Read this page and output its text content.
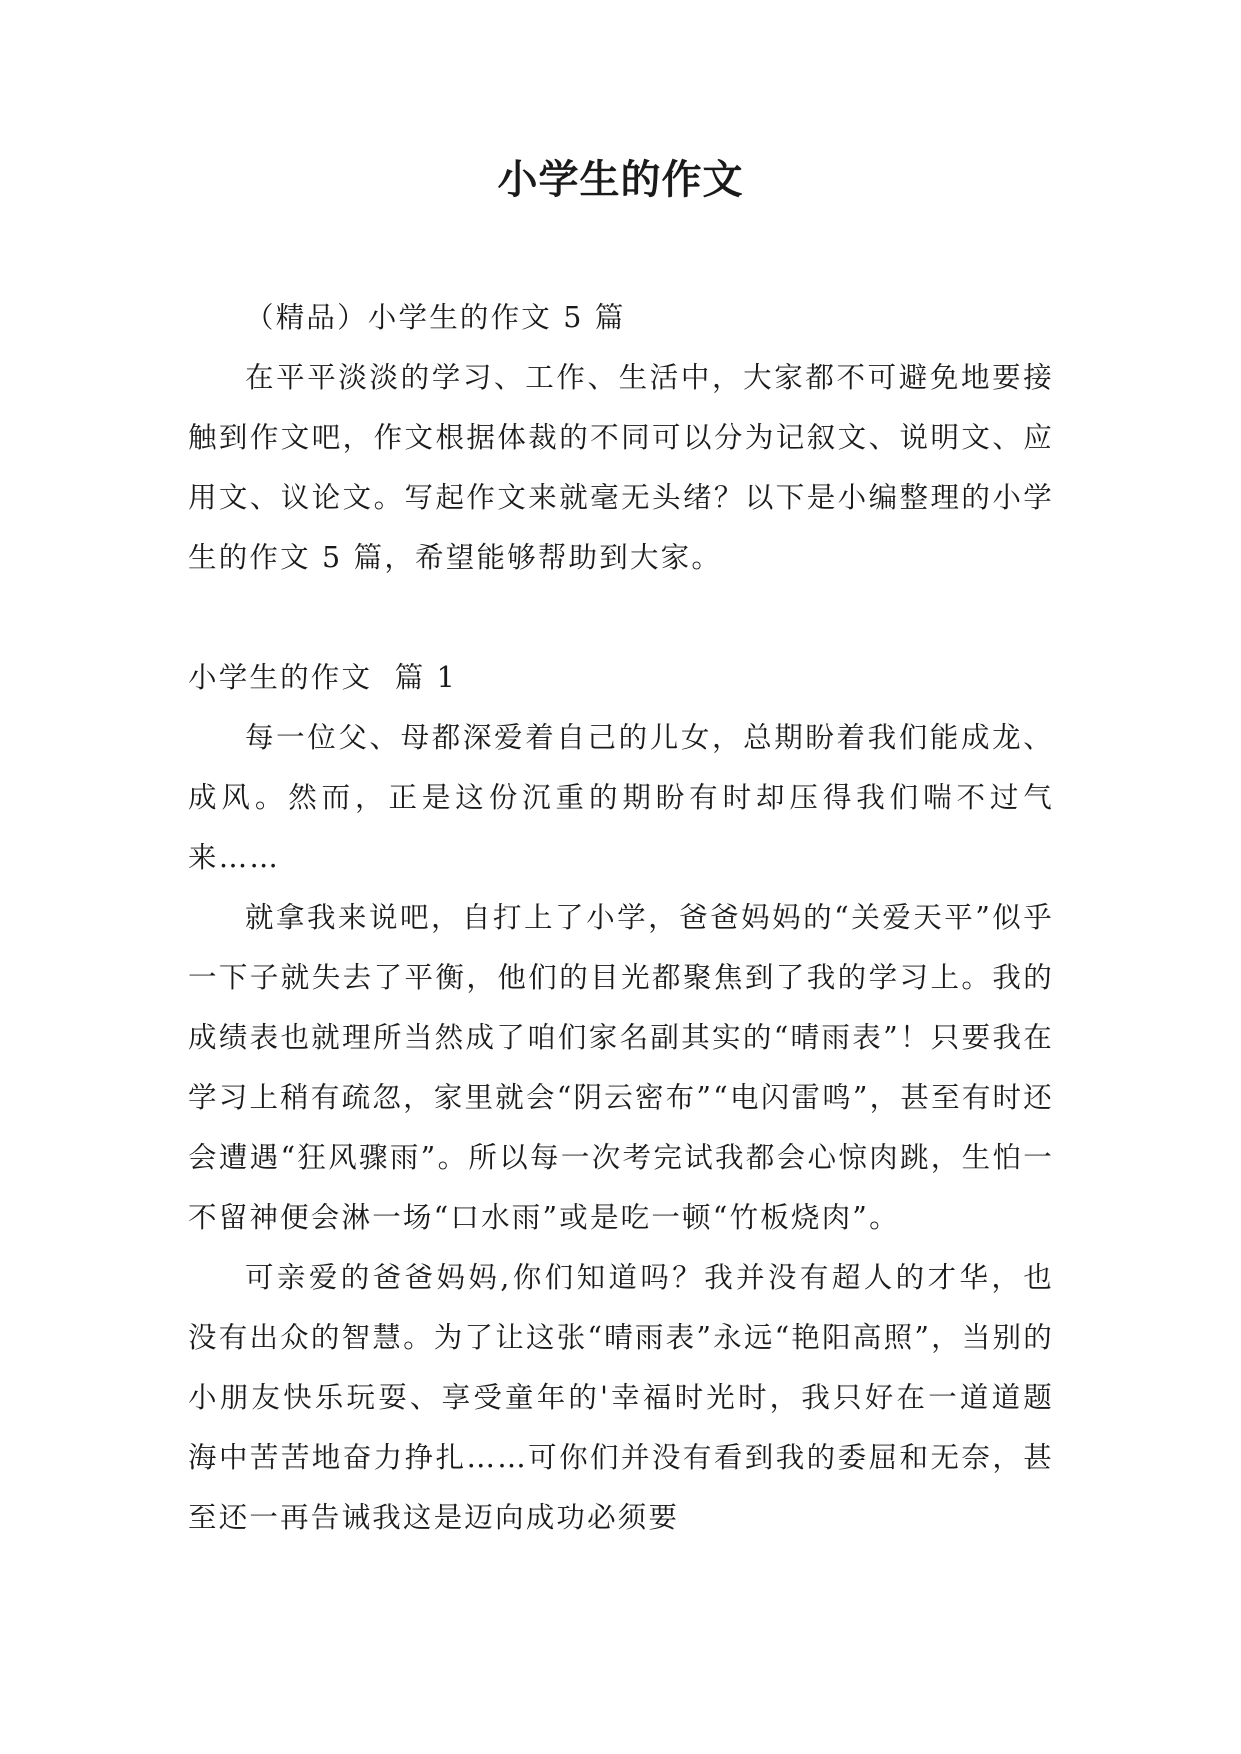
小学生的作文

（精品）小学生的作文 5 篇

在平平淡淡的学习、工作、生活中，大家都不可避免地要接触到作文吧，作文根据体裁的不同可以分为记叙文、说明文、应用文、议论文。写起作文来就毫无头绪？以下是小编整理的小学生的作文 5 篇，希望能够帮助到大家。

小学生的作文  篇 1

每一位父、母都深爱着自己的儿女，总期盼着我们能成龙、成风。然而，正是这份沉重的期盼有时却压得我们喘不过气来……

就拿我来说吧，自打上了小学，爸爸妈妈的“关爱天平”似乎一下子就失去了平衡，他们的目光都聚焦到了我的学习上。我的成绩表也就理所当然成了咱们家名副其实的“晴雨表”！只要我在学习上稍有疏忽，家里就会“阴云密布”“电闪雷鸣”，甚至有时还会遭遇“狂风骤雨”。所以每一次考完试我都会心惊肉跳，生怕一不留神便会淋一场“口水雨”或是吃一顿“竹板烧肉”。

可亲爱的爸爸妈妈,你们知道吗？我并没有超人的才华，也没有出众的智慧。为了让这张“晴雨表”永远“艳阳高照”，当别的小朋友快乐玩耍、享受童年的'幸福时光时，我只好在一道道题海中苦苦地奋力挣扎……可你们并没有看到我的委屈和无奈，甚至还一再告诫我这是迈向成功必须要
